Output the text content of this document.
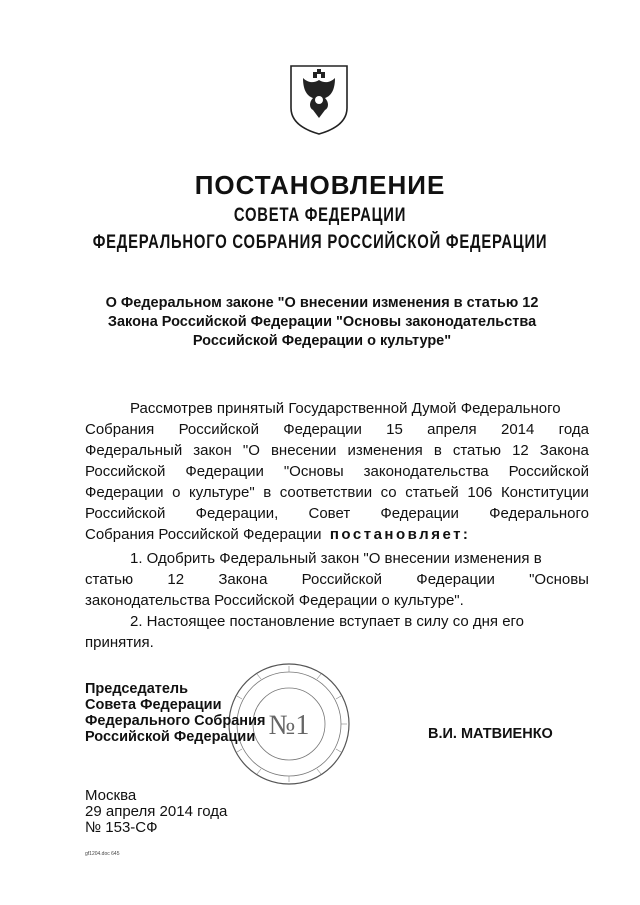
ПОСТАНОВЛЕНИЕ
СОВЕТА ФЕДЕРАЦИИ
ФЕДЕРАЛЬНОГО СОБРАНИЯ РОССИЙСКОЙ ФЕДЕРАЦИИ
О Федеральном законе "О внесении изменения в статью 12
Закона Российской Федерации "Основы законодательства
Российской Федерации о культуре"
Рассмотрев принятый Государственной Думой Федерального
Собрания Российской Федерации 15 апреля 2014 года
Федеральный закон "О внесении изменения в статью 12 Закона
Российской Федерации "Основы законодательства Российской
Федерации о культуре" в соответствии со статьей 106 Конституции
Российской Федерации, Совет Федерации Федерального
Собрания Российской Федерации
постановляет:
1. Одобрить Федеральный закон "О внесении изменения в
статью 12 Закона Российской Федерации "Основы
законодательства Российской Федерации о культуре".
2. Настоящее постановление вступает в силу со дня его
принятия.
№1
Председатель
Совета Федерации
Федерального Собрания
Российской Федерации	В.И. МАТВИЕНКО
Москва
29 апреля 2014 года
№ 153-СФ
gf1204.doc 645
